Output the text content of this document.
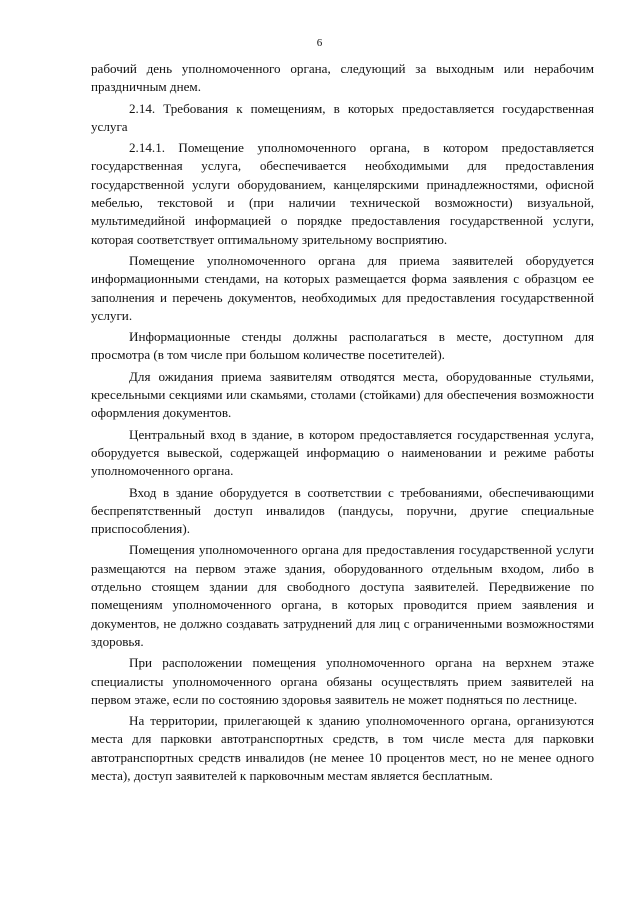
6

рабочий день уполномоченного органа, следующий за выходным или нерабочим праздничным днем.

2.14. Требования к помещениям, в которых предоставляется государственная услуга

2.14.1. Помещение уполномоченного органа, в котором предоставляется государственная услуга, обеспечивается необходимыми для предоставления государственной услуги оборудованием, канцелярскими принадлежностями, офисной мебелью, текстовой и (при наличии технической возможности) визуальной, мультимедийной информацией о порядке предоставления государственной услуги, которая соответствует оптимальному зрительному восприятию.

Помещение уполномоченного органа для приема заявителей оборудуется информационными стендами, на которых размещается форма заявления с образцом ее заполнения и перечень документов, необходимых для предоставления государственной услуги.

Информационные стенды должны располагаться в месте, доступном для просмотра (в том числе при большом количестве посетителей).

Для ожидания приема заявителям отводятся места, оборудованные стульями, кресельными секциями или скамьями, столами (стойками) для обеспечения возможности оформления документов.

Центральный вход в здание, в котором предоставляется государственная услуга, оборудуется вывеской, содержащей информацию о наименовании и режиме работы уполномоченного органа.

Вход в здание оборудуется в соответствии с требованиями, обеспечивающими беспрепятственный доступ инвалидов (пандусы, поручни, другие специальные приспособления).

Помещения уполномоченного органа для предоставления государственной услуги размещаются на первом этаже здания, оборудованного отдельным входом, либо в отдельно стоящем здании для свободного доступа заявителей. Передвижение по помещениям уполномоченного органа, в которых проводится прием заявления и документов, не должно создавать затруднений для лиц с ограниченными возможностями здоровья.

При расположении помещения уполномоченного органа на верхнем этаже специалисты уполномоченного органа обязаны осуществлять прием заявителей на первом этаже, если по состоянию здоровья заявитель не может подняться по лестнице.

На территории, прилегающей к зданию уполномоченного органа, организуются места для парковки автотранспортных средств, в том числе места для парковки автотранспортных средств инвалидов (не менее 10 процентов мест, но не менее одного места), доступ заявителей к парковочным местам является бесплатным.
